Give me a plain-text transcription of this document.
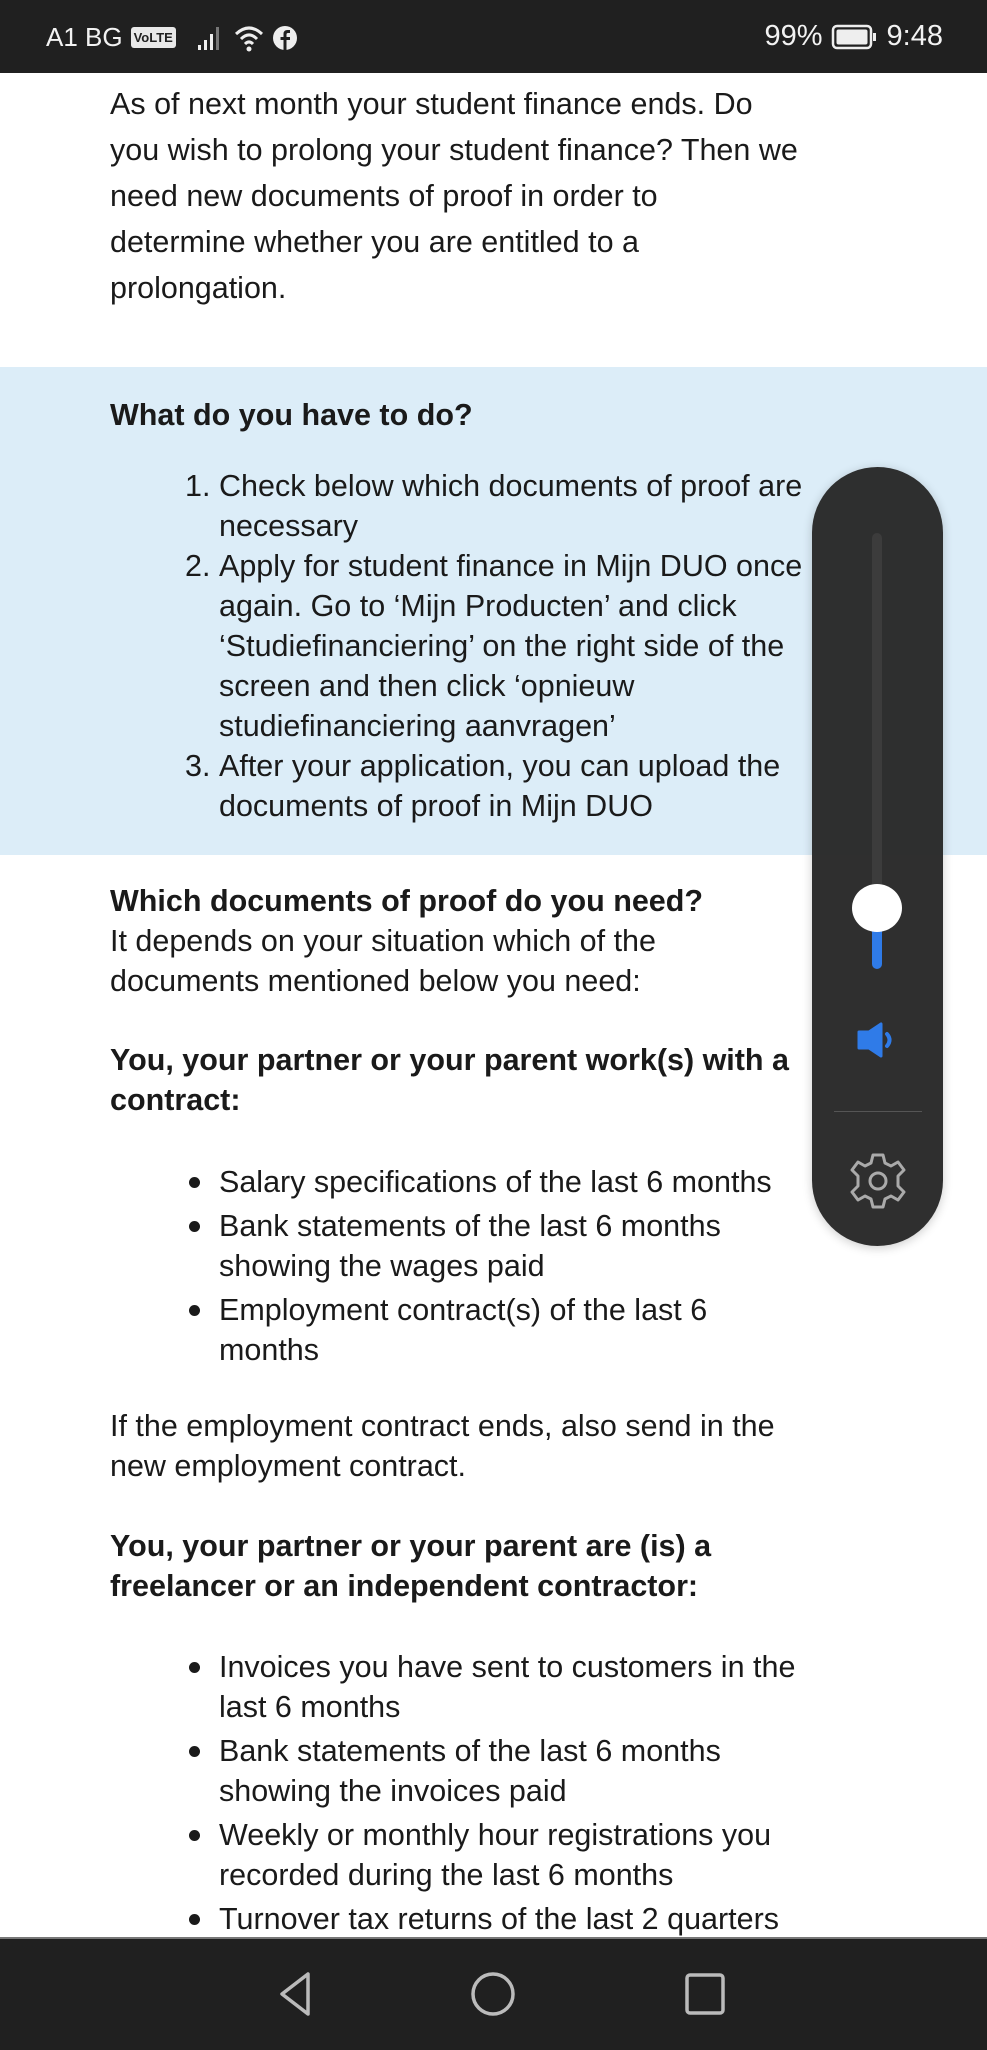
A1 BG VoLTE	99% 9:48
As of next month your student finance ends. Do
you wish to prolong your student finance? Then we
need new documents of proof in order to
determine whether you are entitled to a
prolongation.
What do you have to do?
Check below which documents of proof are
necessary
1.
Apply for student finance in Mijn DUO once
again. Go to ‘Mijn Producten’ and click
‘Studiefinanciering’ on the right side of the
screen and then click ‘opnieuw
studiefinanciering aanvragen’
2.
After your application, you can upload the
documents of proof in Mijn DUO
3.
Which documents of proof do you need?
It depends on your situation which of the
documents mentioned below you need:
You, your partner or your parent work(s) with a
contract:
Salary specifications of the last 6 months
Bank statements of the last 6 months
showing the wages paid
Employment contract(s) of the last 6
months
If the employment contract ends, also send in the
new employment contract.
You, your partner or your parent are (is) a
freelancer or an independent contractor:
Invoices you have sent to customers in the
last 6 months
Bank statements of the last 6 months
showing the invoices paid
Weekly or monthly hour registrations you
recorded during the last 6 months
Turnover tax returns of the last 2 quarters
